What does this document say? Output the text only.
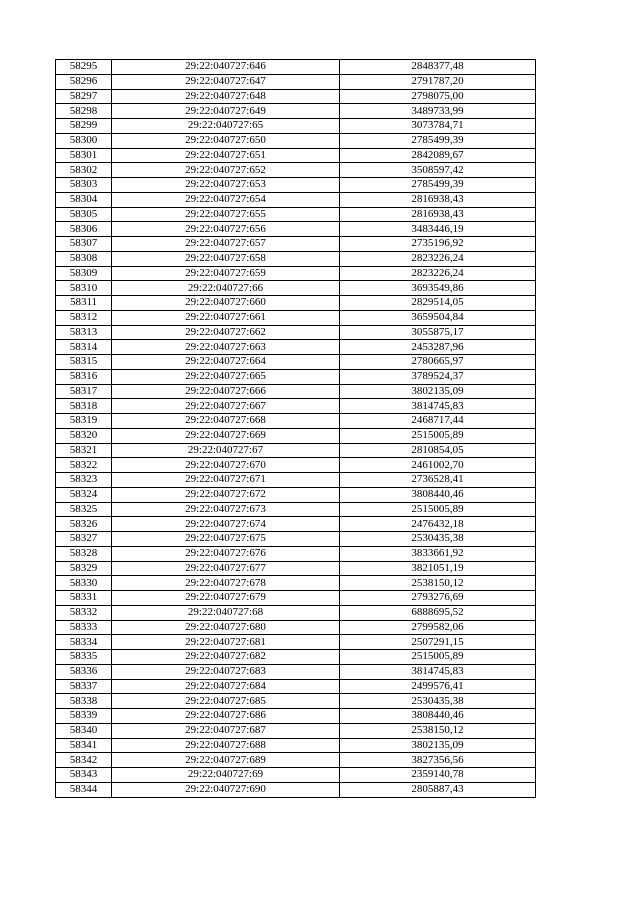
58295	29:22:040727:646	2848377,48
58296	29:22:040727:647	2791787,20
58297	29:22:040727:648	2798075,00
58298	29:22:040727:649	3489733,99
58299	29:22:040727:65	3073784,71
58300	29:22:040727:650	2785499,39
58301	29:22:040727:651	2842089,67
58302	29:22:040727:652	3508597,42
58303	29:22:040727:653	2785499,39
58304	29:22:040727:654	2816938,43
58305	29:22:040727:655	2816938,43
58306	29:22:040727:656	3483446,19
58307	29:22:040727:657	2735196,92
58308	29:22:040727:658	2823226,24
58309	29:22:040727:659	2823226,24
58310	29:22:040727:66	3693549,86
58311	29:22:040727:660	2829514,05
58312	29:22:040727:661	3659504,84
58313	29:22:040727:662	3055875,17
58314	29:22:040727:663	2453287,96
58315	29:22:040727:664	2780665,97
58316	29:22:040727:665	3789524,37
58317	29:22:040727:666	3802135,09
58318	29:22:040727:667	3814745,83
58319	29:22:040727:668	2468717,44
58320	29:22:040727:669	2515005,89
58321	29:22:040727:67	2810854,05
58322	29:22:040727:670	2461002,70
58323	29:22:040727:671	2736528,41
58324	29:22:040727:672	3808440,46
58325	29:22:040727:673	2515005,89
58326	29:22:040727:674	2476432,18
58327	29:22:040727:675	2530435,38
58328	29:22:040727:676	3833661,92
58329	29:22:040727:677	3821051,19
58330	29:22:040727:678	2538150,12
58331	29:22:040727:679	2793276,69
58332	29:22:040727:68	6888695,52
58333	29:22:040727:680	2799582,06
58334	29:22:040727:681	2507291,15
58335	29:22:040727:682	2515005,89
58336	29:22:040727:683	3814745,83
58337	29:22:040727:684	2499576,41
58338	29:22:040727:685	2530435,38
58339	29:22:040727:686	3808440,46
58340	29:22:040727:687	2538150,12
58341	29:22:040727:688	3802135,09
58342	29:22:040727:689	3827356,56
58343	29:22:040727:69	2359140,78
58344	29:22:040727:690	2805887,43
